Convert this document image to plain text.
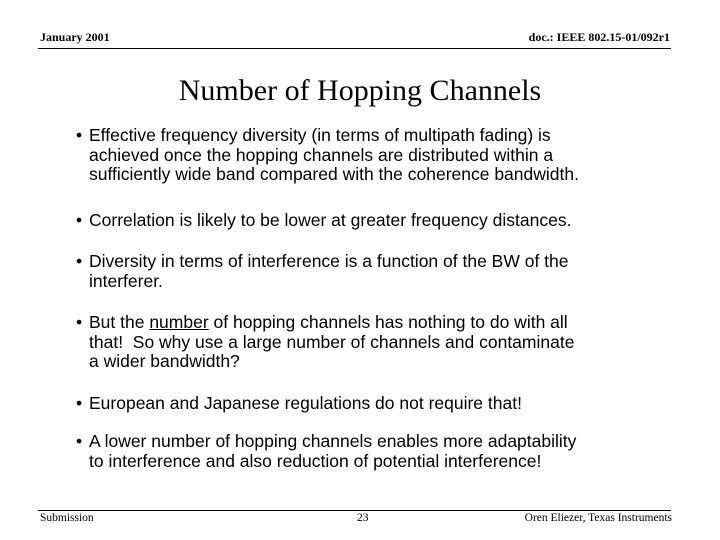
January 2001	doc.: IEEE 802.15-01/092r1
Number of Hopping Channels
• Effective frequency diversity (in terms of multipath fading) is
achieved once the hopping channels are distributed within a
sufficiently wide band compared with the coherence bandwidth.
• Correlation is likely to be lower at greater frequency distances.
• Diversity in terms of interference is a function of the BW of the
interferer.
• But the number of hopping channels has nothing to do with all
that!  So why use a large number of channels and contaminate
a wider bandwidth?
• European and Japanese regulations do not require that!
• A lower number of hopping channels enables more adaptability
to interference and also reduction of potential interference!
Submission	23	Oren Eliezer, Texas Instruments
